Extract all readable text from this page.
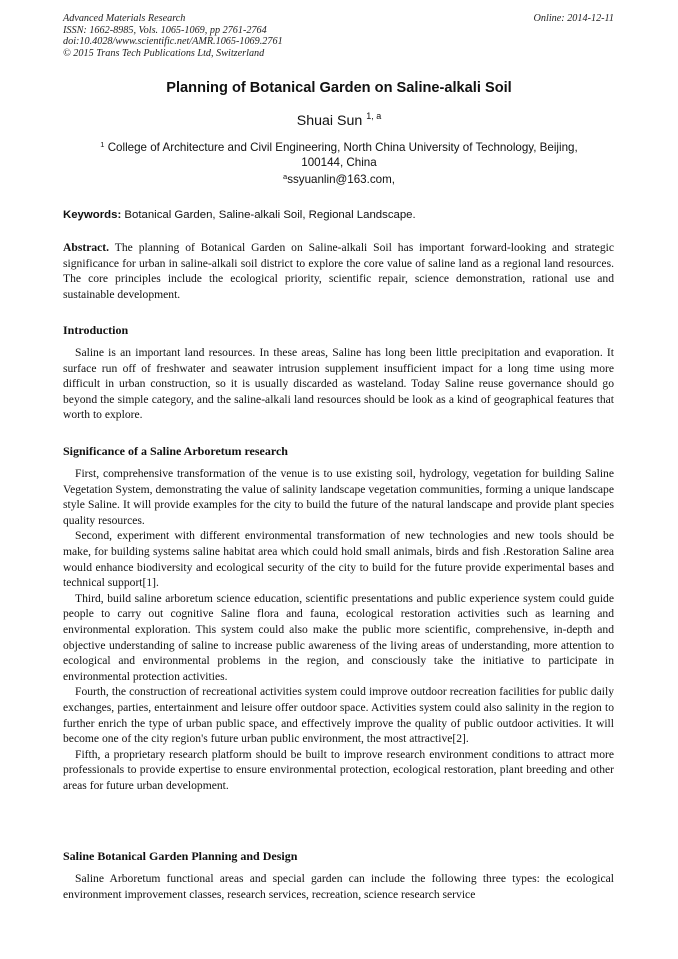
Advanced Materials Research
ISSN: 1662-8985, Vols. 1065-1069, pp 2761-2764
doi:10.4028/www.scientific.net/AMR.1065-1069.2761
© 2015 Trans Tech Publications Ltd, Switzerland
Online: 2014-12-11
Planning of Botanical Garden on Saline-alkali Soil
Shuai Sun $^{1, a}$
$^1$ College of Architecture and Civil Engineering, North China University of Technology, Beijing, 100144, China
$^a$ssyuanlin@163.com,
Keywords: Botanical Garden, Saline-alkali Soil, Regional Landscape.

Abstract. The planning of Botanical Garden on Saline-alkali Soil has important forward-looking and strategic significance for urban in saline-alkali soil district to explore the core value of saline land as a regional land resources. The core principles include the ecological priority, scientific repair, science demonstration, rational use and sustainable development.

Introduction

Saline is an important land resources. In these areas, Saline has long been little precipitation and evaporation. It surface run off of freshwater and seawater intrusion supplement insufficient impact for a long time using more difficult in urban construction, so it is usually discarded as wasteland. Today Saline reuse governance should go beyond the simple category, and the saline-alkali land resources should be look as a kind of geographical features that worth to explore.

Significance of a Saline Arboretum research

First, comprehensive transformation of the venue is to use existing soil, hydrology, vegetation for building Saline Vegetation System, demonstrating the value of salinity landscape vegetation communities, forming a unique landscape style Saline. It will provide examples for the city to build the future of the natural landscape and provide plant species quality resources.

Second, experiment with different environmental transformation of new technologies and new tools should be make, for building systems saline habitat area which could hold small animals, birds and fish .Restoration Saline area would enhance biodiversity and ecological security of the city to build for the future provide experimental bases and technical support[1].

Third, build saline arboretum science education, scientific presentations and public experience system could guide people to carry out cognitive Saline flora and fauna, ecological restoration activities such as learning and environmental exploration. This system could also make the public more scientific, comprehensive, in-depth and objective understanding of saline to increase public awareness of the living areas of understanding, more attention to ecological and environmental problems in the region, and consciously take the initiative to participate in environmental protection activities.

Fourth, the construction of recreational activities system could improve outdoor recreation facilities for public daily exchanges, parties, entertainment and leisure offer outdoor space. Activities system could also salinity in the region to further enrich the type of urban public space, and effectively improve the quality of public outdoor activities. It will become one of the city region's future urban public environment, the most attractive[2].

Fifth, a proprietary research platform should be built to improve research environment conditions to attract more professionals to provide expertise to ensure environmental protection, ecological restoration, plant breeding and other areas for future urban development.

Saline Botanical Garden Planning and Design

Saline Arboretum functional areas and special garden can include the following three types: the ecological environment improvement classes, research services, recreation, science research service
